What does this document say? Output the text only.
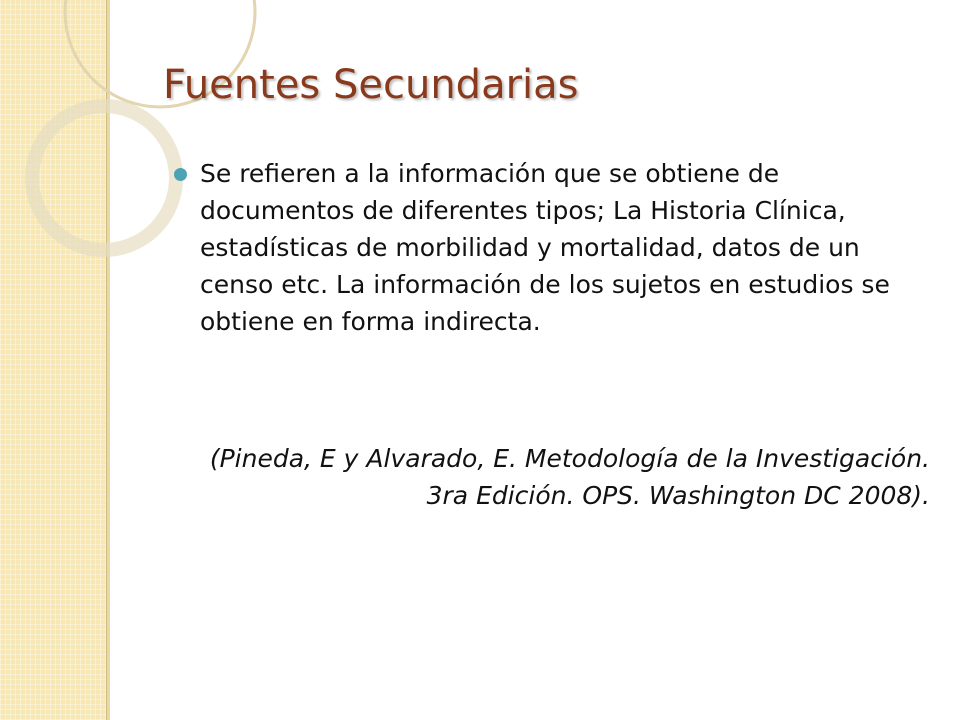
Fuentes Secundarias

Se refieren a la información que se obtiene de documentos de diferentes tipos; La Historia Clínica, estadísticas de morbilidad y mortalidad, datos de un censo etc. La información de los sujetos en estudios se obtiene en forma indirecta.

(Pineda, E y Alvarado, E. Metodología de la Investigación. 3ra Edición. OPS. Washington DC 2008).
